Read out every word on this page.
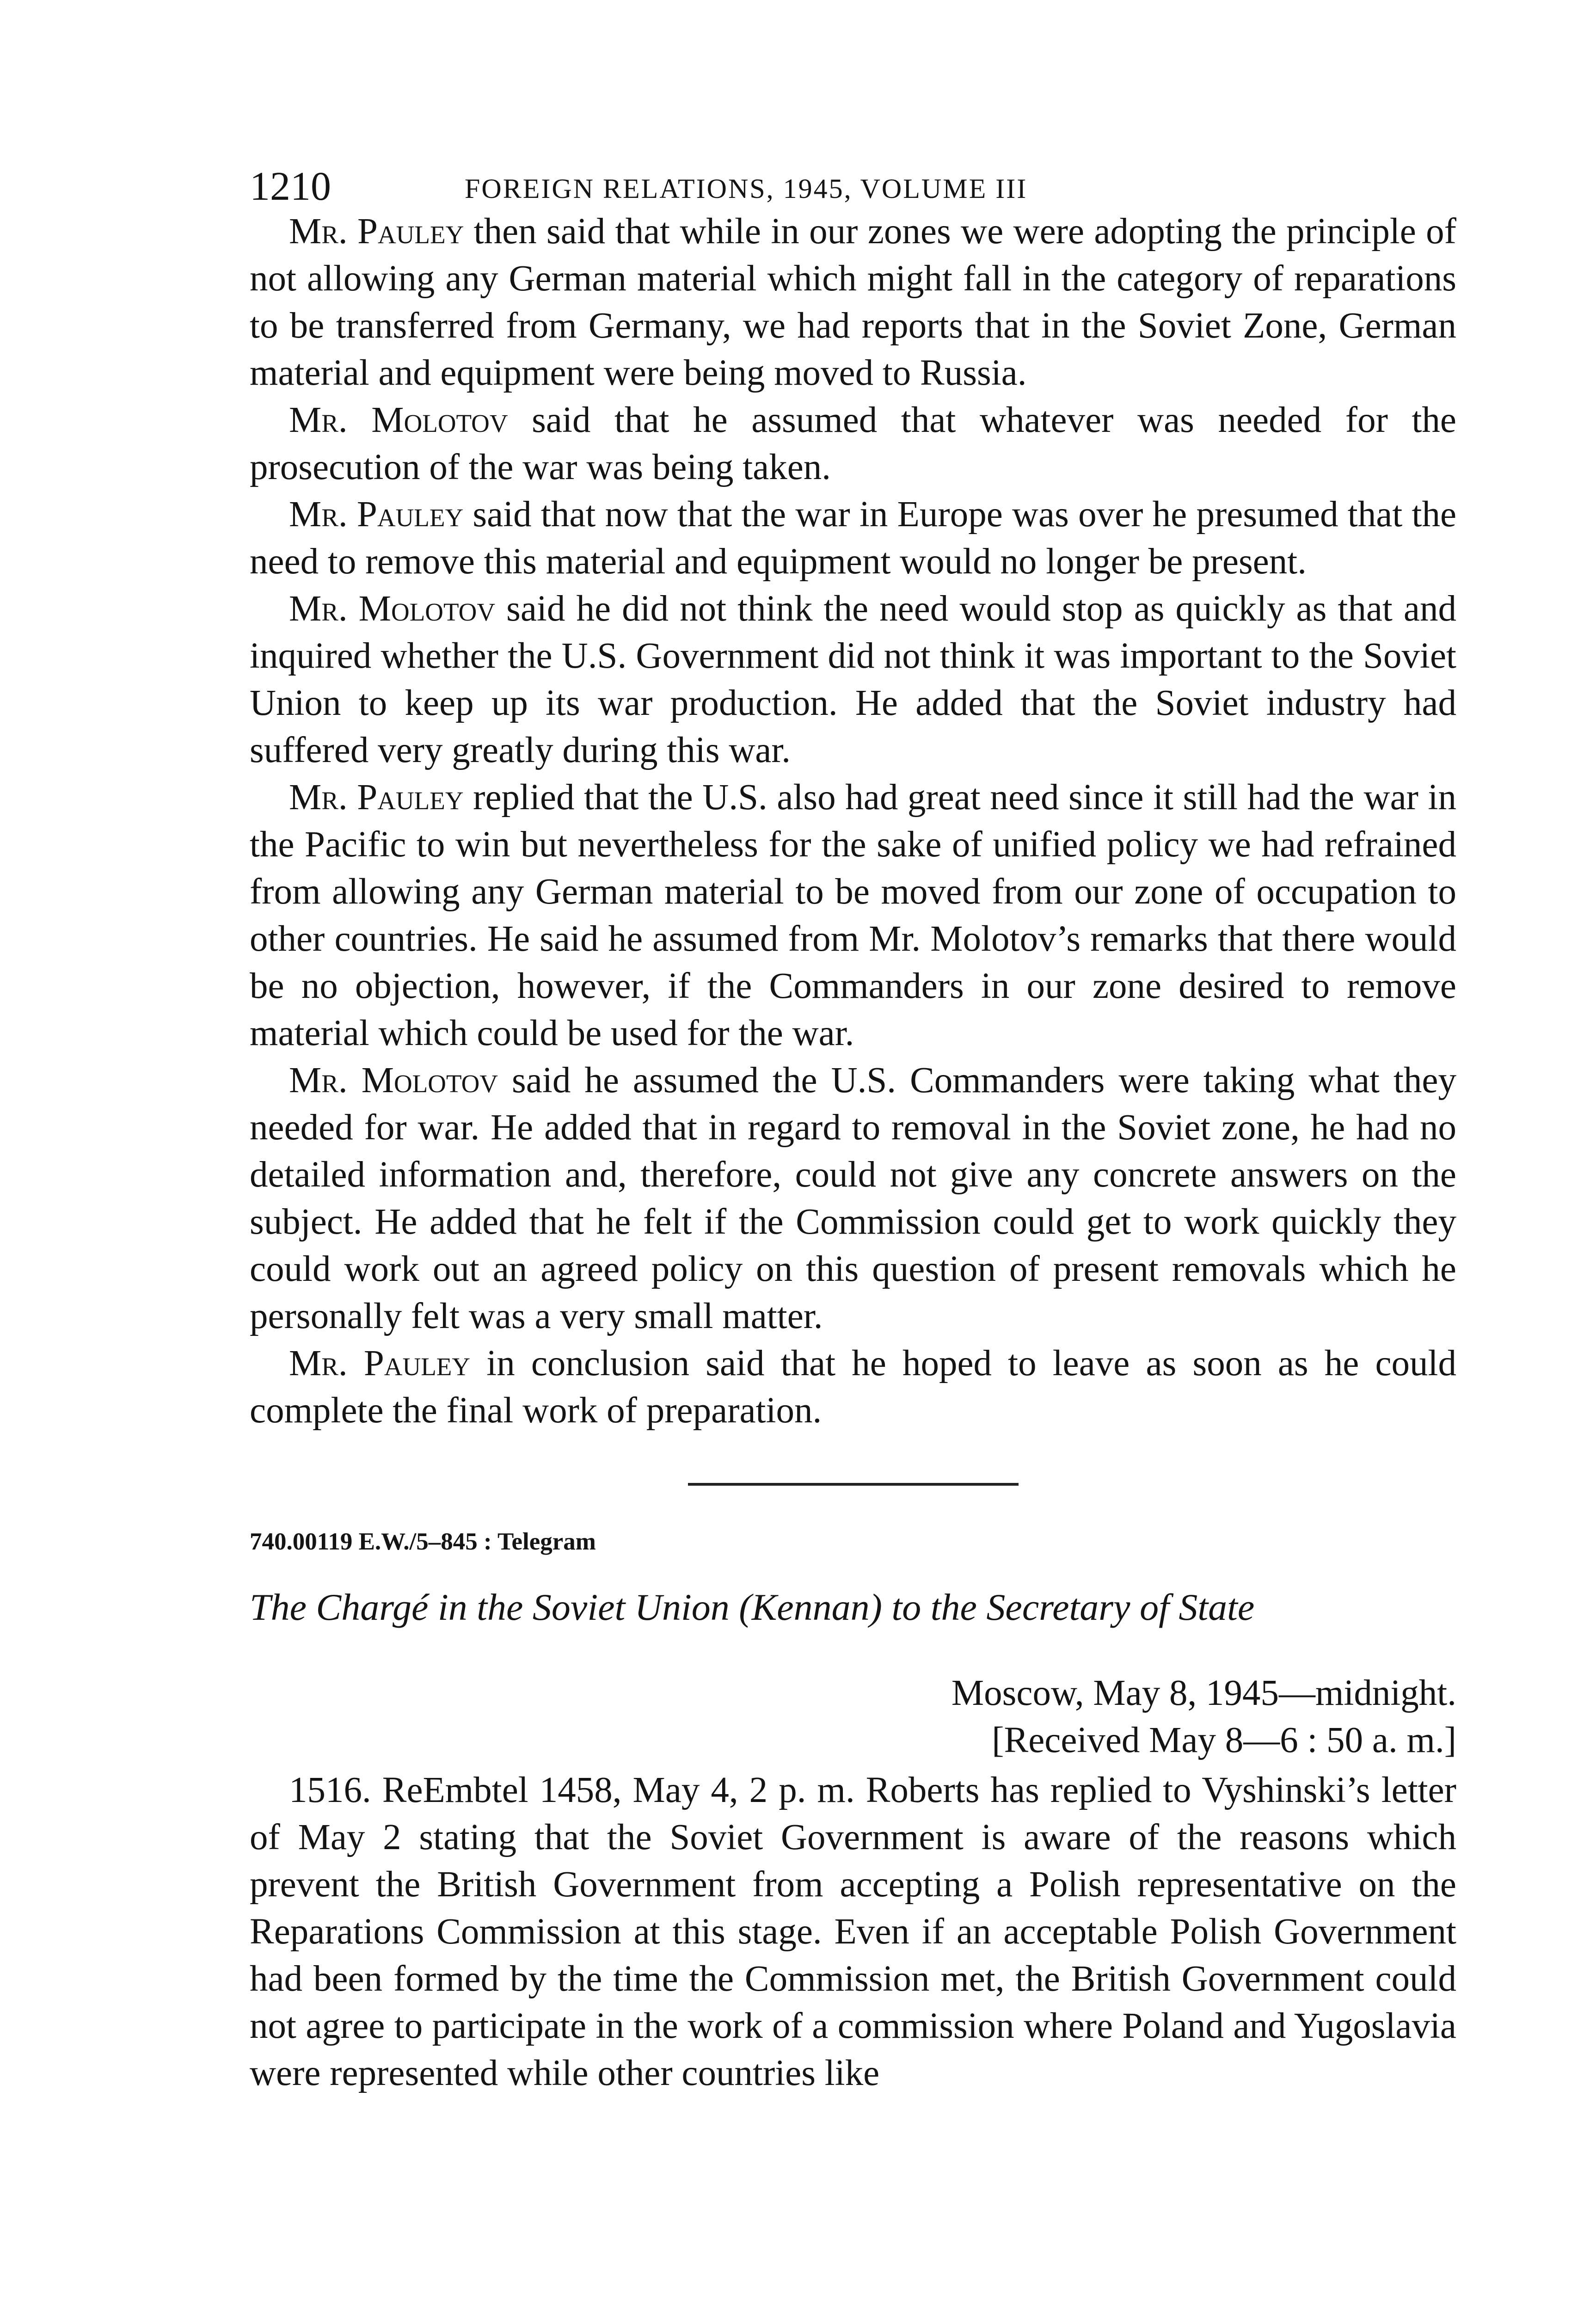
1210	FOREIGN RELATIONS, 1945, VOLUME III

Mr. Pauley then said that while in our zones we were adopting the principle of not allowing any German material which might fall in the category of reparations to be transferred from Germany, we had reports that in the Soviet Zone, German material and equipment were being moved to Russia.

Mr. Molotov said that he assumed that whatever was needed for the prosecution of the war was being taken.

Mr. Pauley said that now that the war in Europe was over he presumed that the need to remove this material and equipment would no longer be present.

Mr. Molotov said he did not think the need would stop as quickly as that and inquired whether the U.S. Government did not think it was important to the Soviet Union to keep up its war production. He added that the Soviet industry had suffered very greatly during this war.

Mr. Pauley replied that the U.S. also had great need since it still had the war in the Pacific to win but nevertheless for the sake of unified policy we had refrained from allowing any German material to be moved from our zone of occupation to other countries. He said he assumed from Mr. Molotov’s remarks that there would be no objection, however, if the Commanders in our zone desired to remove material which could be used for the war.

Mr. Molotov said he assumed the U.S. Commanders were taking what they needed for war. He added that in regard to removal in the Soviet zone, he had no detailed information and, therefore, could not give any concrete answers on the subject. He added that he felt if the Commission could get to work quickly they could work out an agreed policy on this question of present removals which he personally felt was a very small matter.

Mr. Pauley in conclusion said that he hoped to leave as soon as he could complete the final work of preparation.

740.00119 E.W./5–845 : Telegram
The Chargé in the Soviet Union (Kennan) to the Secretary of State
Moscow, May 8, 1945—midnight.
[Received May 8—6 : 50 a. m.]

1516. ReEmbtel 1458, May 4, 2 p. m. Roberts has replied to Vyshinski’s letter of May 2 stating that the Soviet Government is aware of the reasons which prevent the British Government from accepting a Polish representative on the Reparations Commission at this stage. Even if an acceptable Polish Government had been formed by the time the Commission met, the British Government could not agree to participate in the work of a commission where Poland and Yugoslavia were represented while other countries like
